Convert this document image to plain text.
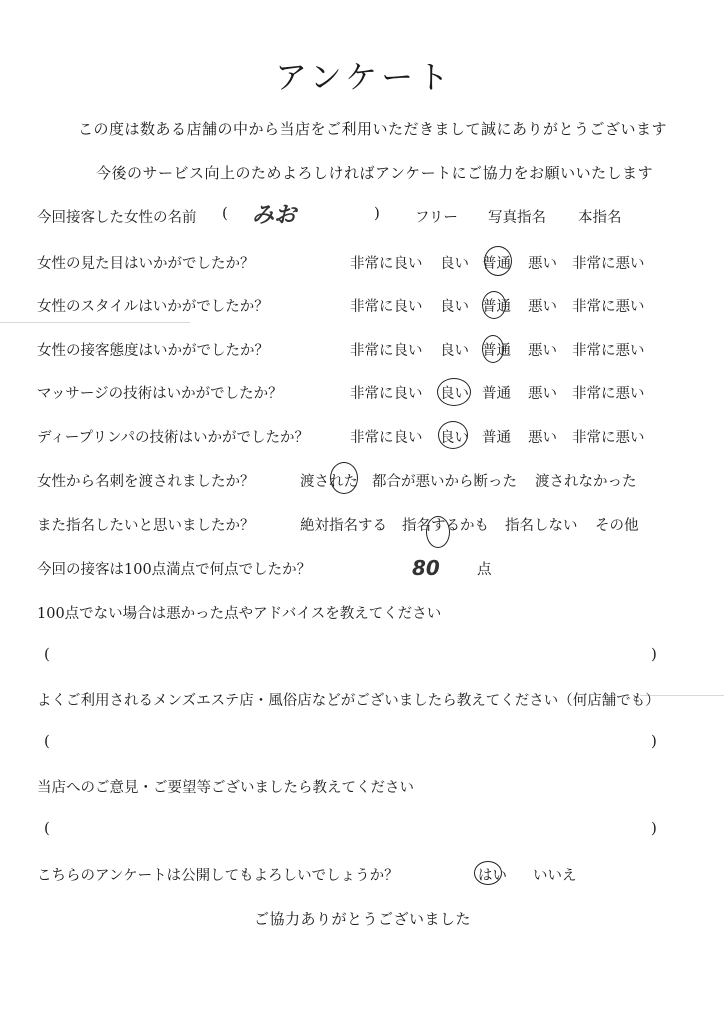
アンケート
この度は数ある店舗の中から当店をご利用いただきまして誠にありがとうございます
今後のサービス向上のためよろしければアンケートにご協力をお願いいたします
今回接客した女性の名前 ( みお	) フリー 写真指名 本指名
女性の見た目はいかがでしたか？	非常に良い 良い 普通 悪い 非常に悪い
女性のスタイルはいかがでしたか？	非常に良い 良い 普通 悪い 非常に悪い
女性の接客態度はいかがでしたか？	非常に良い 良い 普通 悪い 非常に悪い
マッサージの技術はいかがでしたか？	非常に良い 良い 普通 悪い 非常に悪い
ディープリンパの技術はいかがでしたか？	非常に良い 良い 普通 悪い 非常に悪い
女性から名刺を渡されましたか？	渡された 都合が悪いから断った 渡されなかった
また指名したいと思いましたか？	絶対指名する 指名するかも 指名しない その他
今回の接客は100点満点で何点でしたか？	80	点
100点でない場合は悪かった点やアドバイスを教えてください
(	)
よくご利用されるメンズエステ店・風俗店などがございましたら教えてください（何店舗でも）
(	)
当店へのご意見・ご要望等ございましたら教えてください
(	)
こちらのアンケートは公開してもよろしいでしょうか？	はい いいえ
ご協力ありがとうございました
